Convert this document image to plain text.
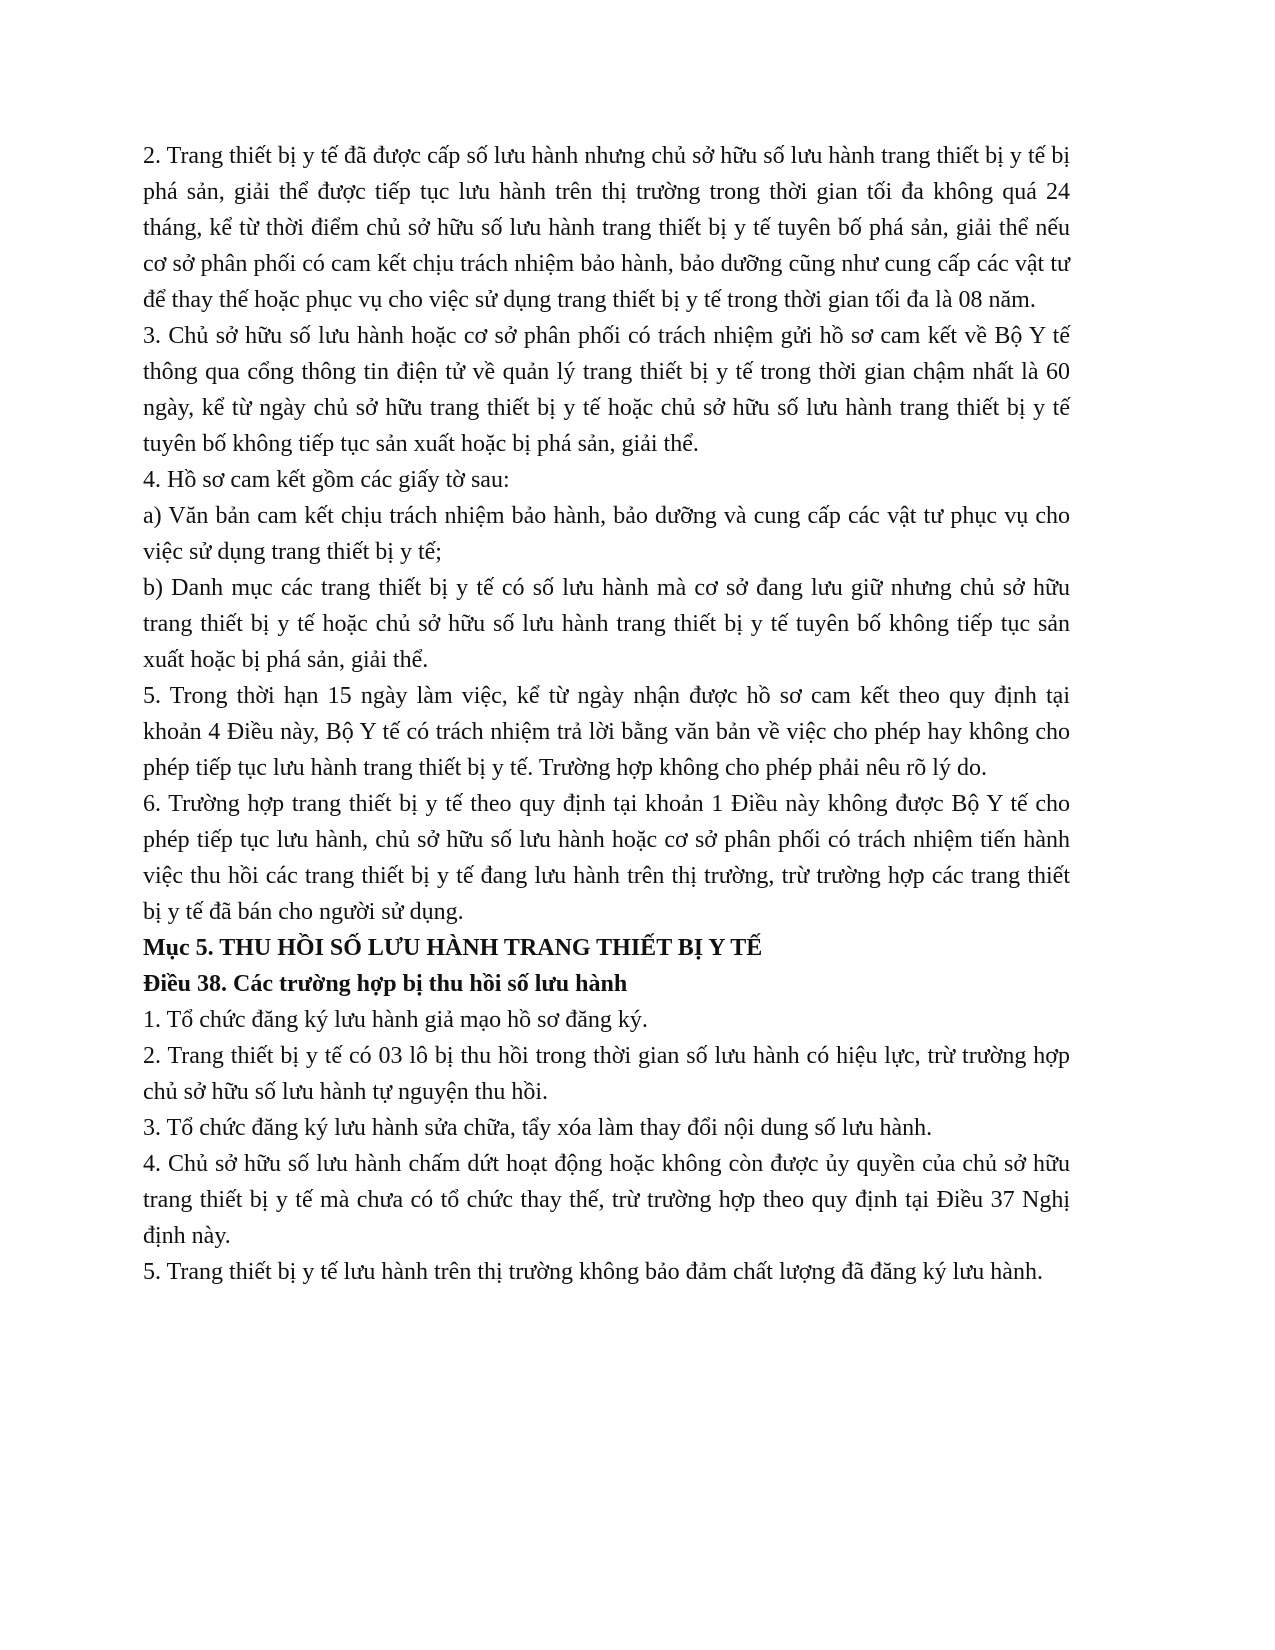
2. Trang thiết bị y tế đã được cấp số lưu hành nhưng chủ sở hữu số lưu hành trang thiết bị y tế bị phá sản, giải thể được tiếp tục lưu hành trên thị trường trong thời gian tối đa không quá 24 tháng, kể từ thời điểm chủ sở hữu số lưu hành trang thiết bị y tế tuyên bố phá sản, giải thể nếu cơ sở phân phối có cam kết chịu trách nhiệm bảo hành, bảo dưỡng cũng như cung cấp các vật tư để thay thế hoặc phục vụ cho việc sử dụng trang thiết bị y tế trong thời gian tối đa là 08 năm.

3. Chủ sở hữu số lưu hành hoặc cơ sở phân phối có trách nhiệm gửi hồ sơ cam kết về Bộ Y tế thông qua cổng thông tin điện tử về quản lý trang thiết bị y tế trong thời gian chậm nhất là 60 ngày, kể từ ngày chủ sở hữu trang thiết bị y tế hoặc chủ sở hữu số lưu hành trang thiết bị y tế tuyên bố không tiếp tục sản xuất hoặc bị phá sản, giải thể.

4. Hồ sơ cam kết gồm các giấy tờ sau:

a) Văn bản cam kết chịu trách nhiệm bảo hành, bảo dưỡng và cung cấp các vật tư phục vụ cho việc sử dụng trang thiết bị y tế;

b) Danh mục các trang thiết bị y tế có số lưu hành mà cơ sở đang lưu giữ nhưng chủ sở hữu trang thiết bị y tế hoặc chủ sở hữu số lưu hành trang thiết bị y tế tuyên bố không tiếp tục sản xuất hoặc bị phá sản, giải thể.

5. Trong thời hạn 15 ngày làm việc, kể từ ngày nhận được hồ sơ cam kết theo quy định tại khoản 4 Điều này, Bộ Y tế có trách nhiệm trả lời bằng văn bản về việc cho phép hay không cho phép tiếp tục lưu hành trang thiết bị y tế. Trường hợp không cho phép phải nêu rõ lý do.

6. Trường hợp trang thiết bị y tế theo quy định tại khoản 1 Điều này không được Bộ Y tế cho phép tiếp tục lưu hành, chủ sở hữu số lưu hành hoặc cơ sở phân phối có trách nhiệm tiến hành việc thu hồi các trang thiết bị y tế đang lưu hành trên thị trường, trừ trường hợp các trang thiết bị y tế đã bán cho người sử dụng.

Mục 5. THU HỒI SỐ LƯU HÀNH TRANG THIẾT BỊ Y TẾ

Điều 38. Các trường hợp bị thu hồi số lưu hành

1. Tổ chức đăng ký lưu hành giả mạo hồ sơ đăng ký.

2. Trang thiết bị y tế có 03 lô bị thu hồi trong thời gian số lưu hành có hiệu lực, trừ trường hợp chủ sở hữu số lưu hành tự nguyện thu hồi.

3. Tổ chức đăng ký lưu hành sửa chữa, tẩy xóa làm thay đổi nội dung số lưu hành.

4. Chủ sở hữu số lưu hành chấm dứt hoạt động hoặc không còn được ủy quyền của chủ sở hữu trang thiết bị y tế mà chưa có tổ chức thay thế, trừ trường hợp theo quy định tại Điều 37 Nghị định này.

5. Trang thiết bị y tế lưu hành trên thị trường không bảo đảm chất lượng đã đăng ký lưu hành.
